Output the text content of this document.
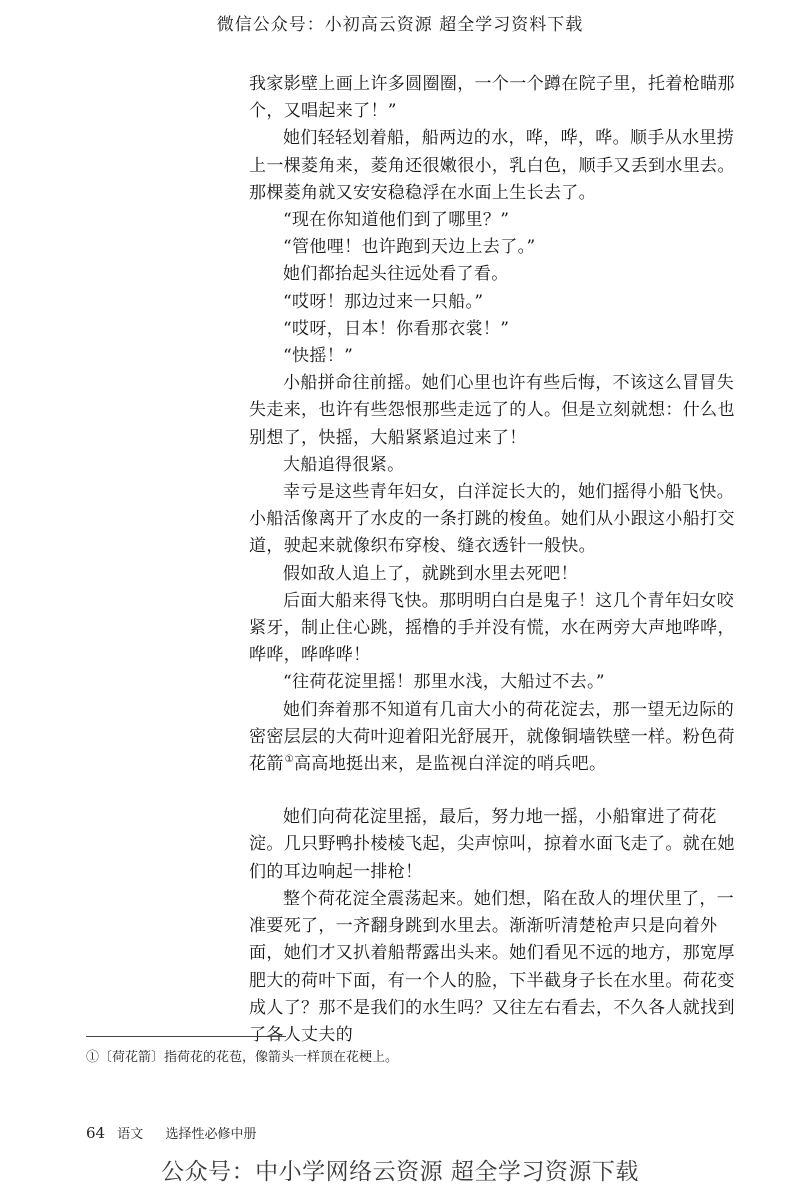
微信公众号：小初高云资源 超全学习资料下载

我家影壁上画上许多圆圈圈，一个一个蹲在院子里，托着枪瞄那个，又唱起来了！”

她们轻轻划着船，船两边的水，哗，哗，哗。顺手从水里捞上一棵菱角来，菱角还很嫩很小，乳白色，顺手又丢到水里去。那棵菱角就又安安稳稳浮在水面上生长去了。

“现在你知道他们到了哪里？”

“管他哩！也许跑到天边上去了。”

她们都抬起头往远处看了看。

“哎呀！那边过来一只船。”

“哎呀，日本！你看那衣裳！”

“快摇！”

小船拼命往前摇。她们心里也许有些后悔，不该这么冒冒失失走来，也许有些怨恨那些走远了的人。但是立刻就想：什么也别想了，快摇，大船紧紧追过来了！

大船追得很紧。

幸亏是这些青年妇女，白洋淀长大的，她们摇得小船飞快。小船活像离开了水皮的一条打跳的梭鱼。她们从小跟这小船打交道，驶起来就像织布穿梭、缝衣透针一般快。

假如敌人追上了，就跳到水里去死吧！

后面大船来得飞快。那明明白白是鬼子！这几个青年妇女咬紧牙，制止住心跳，摇橹的手并没有慌，水在两旁大声地哗哗，哗哗，哗哗哗！

“往荷花淀里摇！那里水浅，大船过不去。”

她们奔着那不知道有几亩大小的荷花淀去，那一望无边际的密密层层的大荷叶迎着阳光舒展开，就像铜墙铁壁一样。粉色荷花箭①高高地挺出来，是监视白洋淀的哨兵吧。

她们向荷花淀里摇，最后，努力地一摇，小船窜进了荷花淀。几只野鸭扑棱棱飞起，尖声惊叫，掠着水面飞走了。就在她们的耳边响起一排枪！

整个荷花淀全震荡起来。她们想，陷在敌人的埋伏里了，一准要死了，一齐翻身跳到水里去。渐渐听清楚枪声只是向着外面，她们才又扒着船帮露出头来。她们看见不远的地方，那宽厚肥大的荷叶下面，有一个人的脸，下半截身子长在水里。荷花变成人了？那不是我们的水生吗？又往左右看去，不久各人就找到了各人丈夫的

①〔荷花箭〕指荷花的花苞，像箭头一样顶在花梗上。
64 语文 选择性必修中册
公众号：中小学网络云资源 超全学习资源下载
